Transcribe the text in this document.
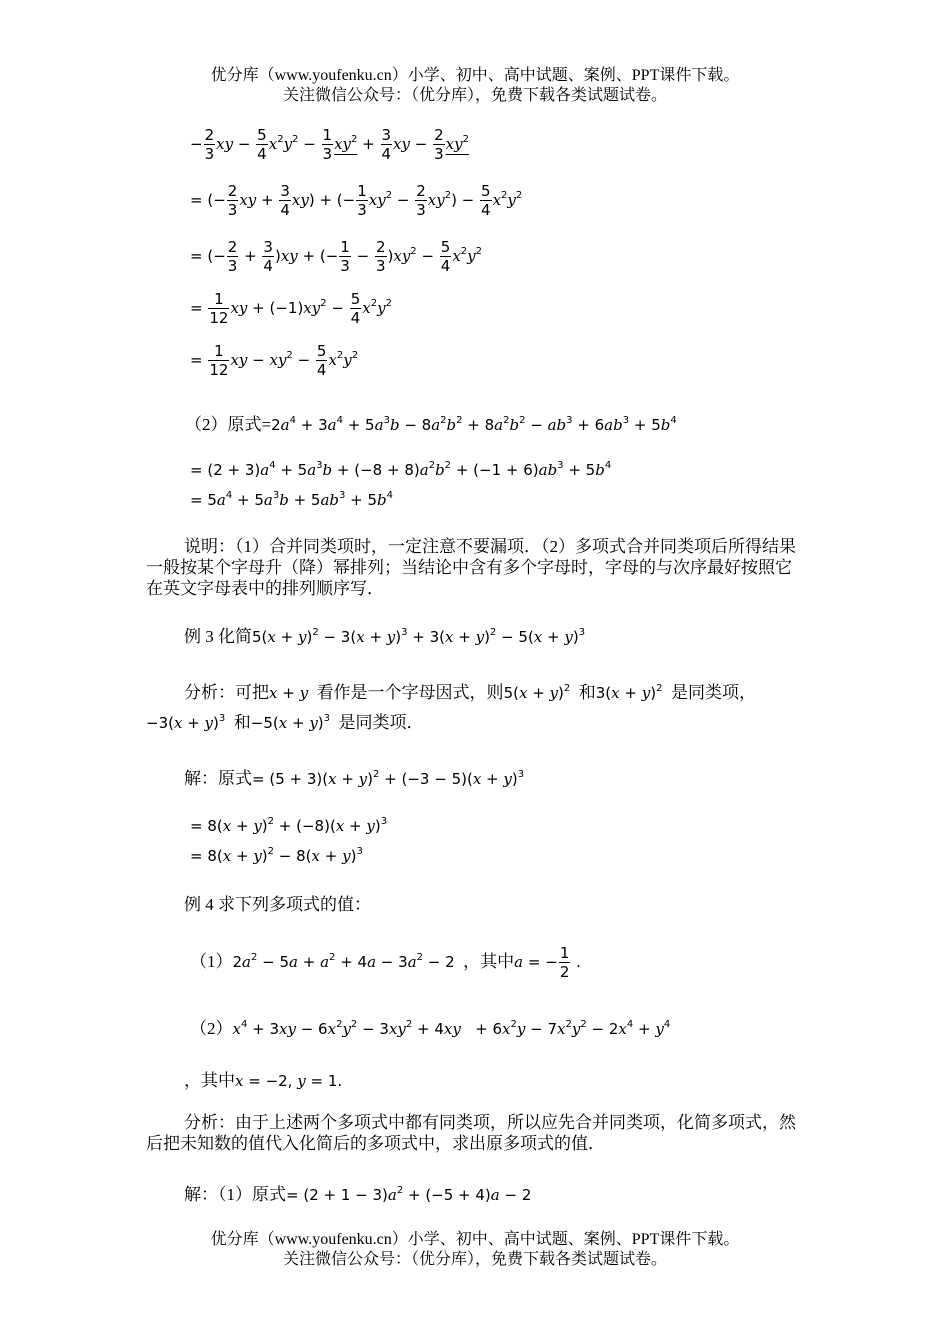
优分库（www.youfenku.cn）小学、初中、高中试题、案例、PPT课件下载。
关注微信公众号：（优分库），免费下载各类试题试卷。
− $\frac{2}{3}$ xy − $\frac{5}{4} x^2y^2 - \frac{1}{3} xy^2 + \frac{3}{4}$ xy − $\frac{2}{3} xy^2$
= (− $\frac{2}{3}$ xy + $\frac{3}{4} xy$) + (− $\frac{1}{3} xy^2 - \frac{2}{3} xy^2) - \frac{5}{4} x^2y^2$
= (− $\frac{2}{3} + \frac{3}{4} )xy$ + (− $\frac{1}{3} - \frac{2}{3} )xy^2 - \frac{5}{4} x^2y^2$
= $\frac{1}{12}$ xy + $(-1)xy^2 - \frac{5}{4} x^2y^2$
= $\frac{1}{12}$ xy − $xy^2 - \frac{5}{4} x^2y^2$
（2）原式$=2a^4 + 3a^4 + 5a^3b - 8a^2b^2 + 8a^2b^2 - ab^3 + 6ab^3 + 5b^4$
= $(2 + 3)a^4 + 5a^3b + (-8 + 8)a^2b^2 + (-1 + 6)ab^3 + 5b^4$
= $5a^4 + 5a^3b + 5ab^3 + 5b^4$
说明：（1）合并同类项时，一定注意不要漏项．（2）多项式合并同类项后所得结果一般按某个字母升（降）幂排列；当结论中含有多个字母时，字母的与次序最好按照它在英文字母表中的排列顺序写．
例 3 化简$5(x + y)^2 - 3(x + y)^3 + 3(x + y)^2 - 5(x + y)^3$
分析：可把x + y 看作是一个字母因式，则$5(x + y)^2$ 和$3(x + y)^2$ 是同类项，
$-3(x + y)^3$ 和$-5(x + y)^3$ 是同类项．
解：原式= $(5 + 3)(x + y)^2 + (-3 - 5)(x + y)^3$
= $8(x + y)^2 + (-8)(x + y)^3$
= $8(x + y)^2 - 8(x + y)^3$
例 4 求下列多项式的值：
$(1)2a^2 - 5a + a^2 + 4a - 3a^2 - 2$ ，其中a = − $\frac{1}{2}$ .
$(2)x^4 + 3xy - 6x^2y^2 - 3xy^2 + 4xy + 6x^2y - 7x^2y^2 - 2x^4 + y^4$
，其中x = −2, y = 1.
分析：由于上述两个多项式中都有同类项，所以应先合并同类项，化简多项式，然后把未知数的值代入化简后的多项式中，求出原多项式的值．
解：（1）原式= $(2 + 1 - 3)a^2 + (-5 + 4)a - 2$
优分库（www.youfenku.cn）小学、初中、高中试题、案例、PPT课件下载。
关注微信公众号：（优分库），免费下载各类试题试卷。
